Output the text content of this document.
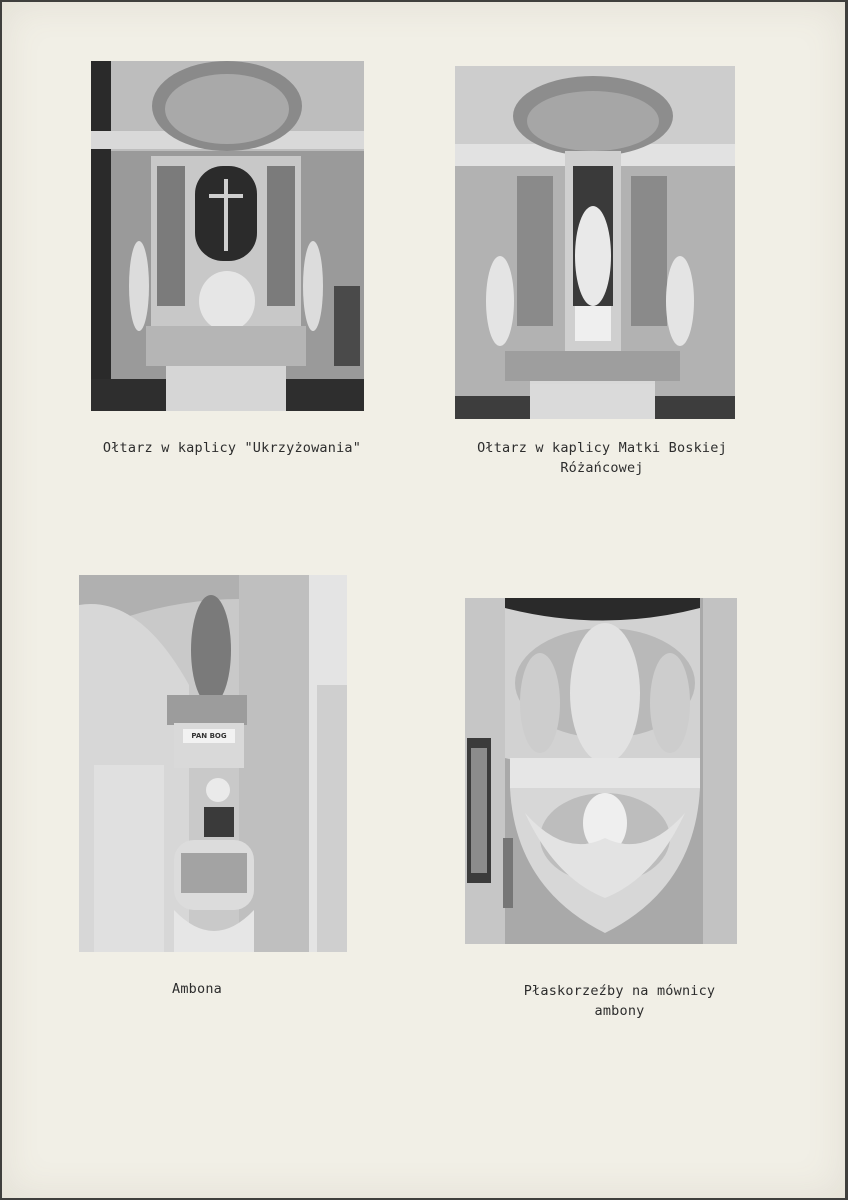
Ołtarz w kaplicy "Ukrzyżowania"	Ołtarz w kaplicy Matki Boskiej
Różańcowej
PAN BOG
Ambona	Płaskorzeźby na mównicy
ambony
